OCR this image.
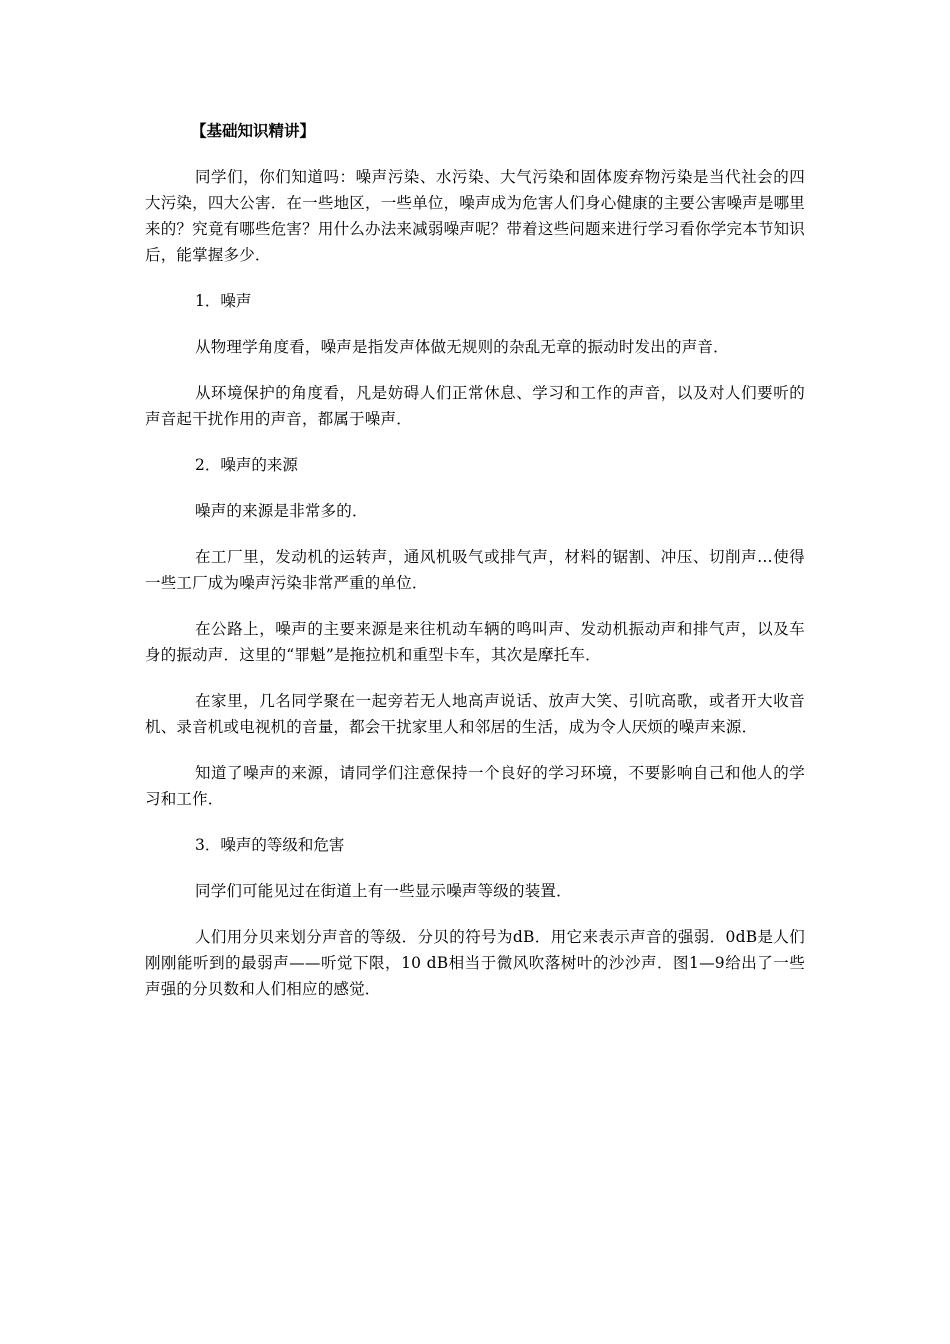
【基础知识精讲】

同学们，你们知道吗：噪声污染、水污染、大气污染和固体废弃物污染是当代社会的四大污染，四大公害．在一些地区，一些单位，噪声成为危害人们身心健康的主要公害噪声是哪里来的？究竟有哪些危害？用什么办法来减弱噪声呢？带着这些问题来进行学习看你学完本节知识后，能掌握多少．

1．噪声

从物理学角度看，噪声是指发声体做无规则的杂乱无章的振动时发出的声音．

从环境保护的角度看，凡是妨碍人们正常休息、学习和工作的声音，以及对人们要听的声音起干扰作用的声音，都属于噪声．

2．噪声的来源

噪声的来源是非常多的．

在工厂里，发动机的运转声，通风机吸气或排气声，材料的锯割、冲压、切削声…使得一些工厂成为噪声污染非常严重的单位．

在公路上，噪声的主要来源是来往机动车辆的鸣叫声、发动机振动声和排气声，以及车身的振动声．这里的“罪魁”是拖拉机和重型卡车，其次是摩托车．

在家里，几名同学聚在一起旁若无人地高声说话、放声大笑、引吭高歌，或者开大收音机、录音机或电视机的音量，都会干扰家里人和邻居的生活，成为令人厌烦的噪声来源．

知道了噪声的来源，请同学们注意保持一个良好的学习环境，不要影响自己和他人的学习和工作．

3．噪声的等级和危害

同学们可能见过在街道上有一些显示噪声等级的装置．

人们用分贝来划分声音的等级．分贝的符号为dB．用它来表示声音的强弱．0dB是人们刚刚能听到的最弱声——听觉下限，10 dB相当于微风吹落树叶的沙沙声．图1—9给出了一些声强的分贝数和人们相应的感觉．
